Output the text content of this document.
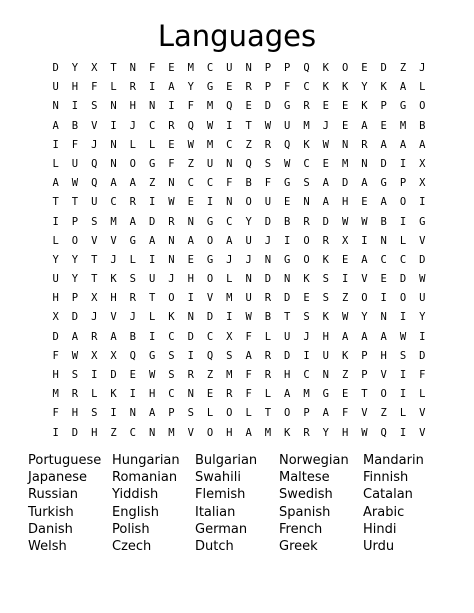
Languages
D	Y	X	T	N	F	E	M	C	U	N	P	P	Q	K	O	E	D	Z	J
U	H	F	L	R	I	A	Y	G	E	R	P	F	C	K	K	Y	K	A	L
N	I	S	N	H	N	I	F	M	Q	E	D	G	R	E	E	K	P	G	O
A	B	V	I	J	C	R	Q	W	I	T	W	U	M	J	E	A	E	M	B
I	F	J	N	L	L	E	W	M	C	Z	R	Q	K	W	N	R	A	A	A
L	U	Q	N	O	G	F	Z	U	N	Q	S	W	C	E	M	N	D	I	X
A	W	Q	A	A	Z	N	C	C	F	B	F	G	S	A	D	A	G	P	X
T	T	U	C	R	I	W	E	I	N	O	U	E	N	A	H	E	A	O	I
I	P	S	M	A	D	R	N	G	C	Y	D	B	R	D	W	W	B	I	G
L	O	V	V	G	A	N	A	O	A	U	J	I	O	R	X	I	N	L	V
Y	Y	T	J	L	I	N	E	G	J	J	N	G	O	K	E	A	C	C	D
U	Y	T	K	S	U	J	H	O	L	N	D	N	K	S	I	V	E	D	W
H	P	X	H	R	T	O	I	V	M	U	R	D	E	S	Z	O	I	O	U
X	D	J	V	J	L	K	N	D	I	W	B	T	S	K	W	Y	N	I	Y
D	A	R	A	B	I	C	D	C	X	F	L	U	J	H	A	A	A	W	I
F	W	X	X	Q	G	S	I	Q	S	A	R	D	I	U	K	P	H	S	D
H	S	I	D	E	W	S	R	Z	M	F	R	H	C	N	Z	P	V	I	F
M	R	L	K	I	H	C	N	E	R	F	L	A	M	G	E	T	O	I	L
F	H	S	I	N	A	P	S	L	O	L	T	O	P	A	F	V	Z	L	V
I	D	H	Z	C	N	M	V	O	H	A	M	K	R	Y	H	W	Q	I	V
Portuguese Hungarian	Bulgarian	Norwegian	Mandarin
Japanese	Romanian	Swahili	Maltese	Finnish
Russian	Yiddish	Flemish	Swedish	Catalan
Turkish	English	Italian	Spanish	Arabic
Danish	Polish	German	French	Hindi
Welsh	Czech	Dutch	Greek	Urdu
